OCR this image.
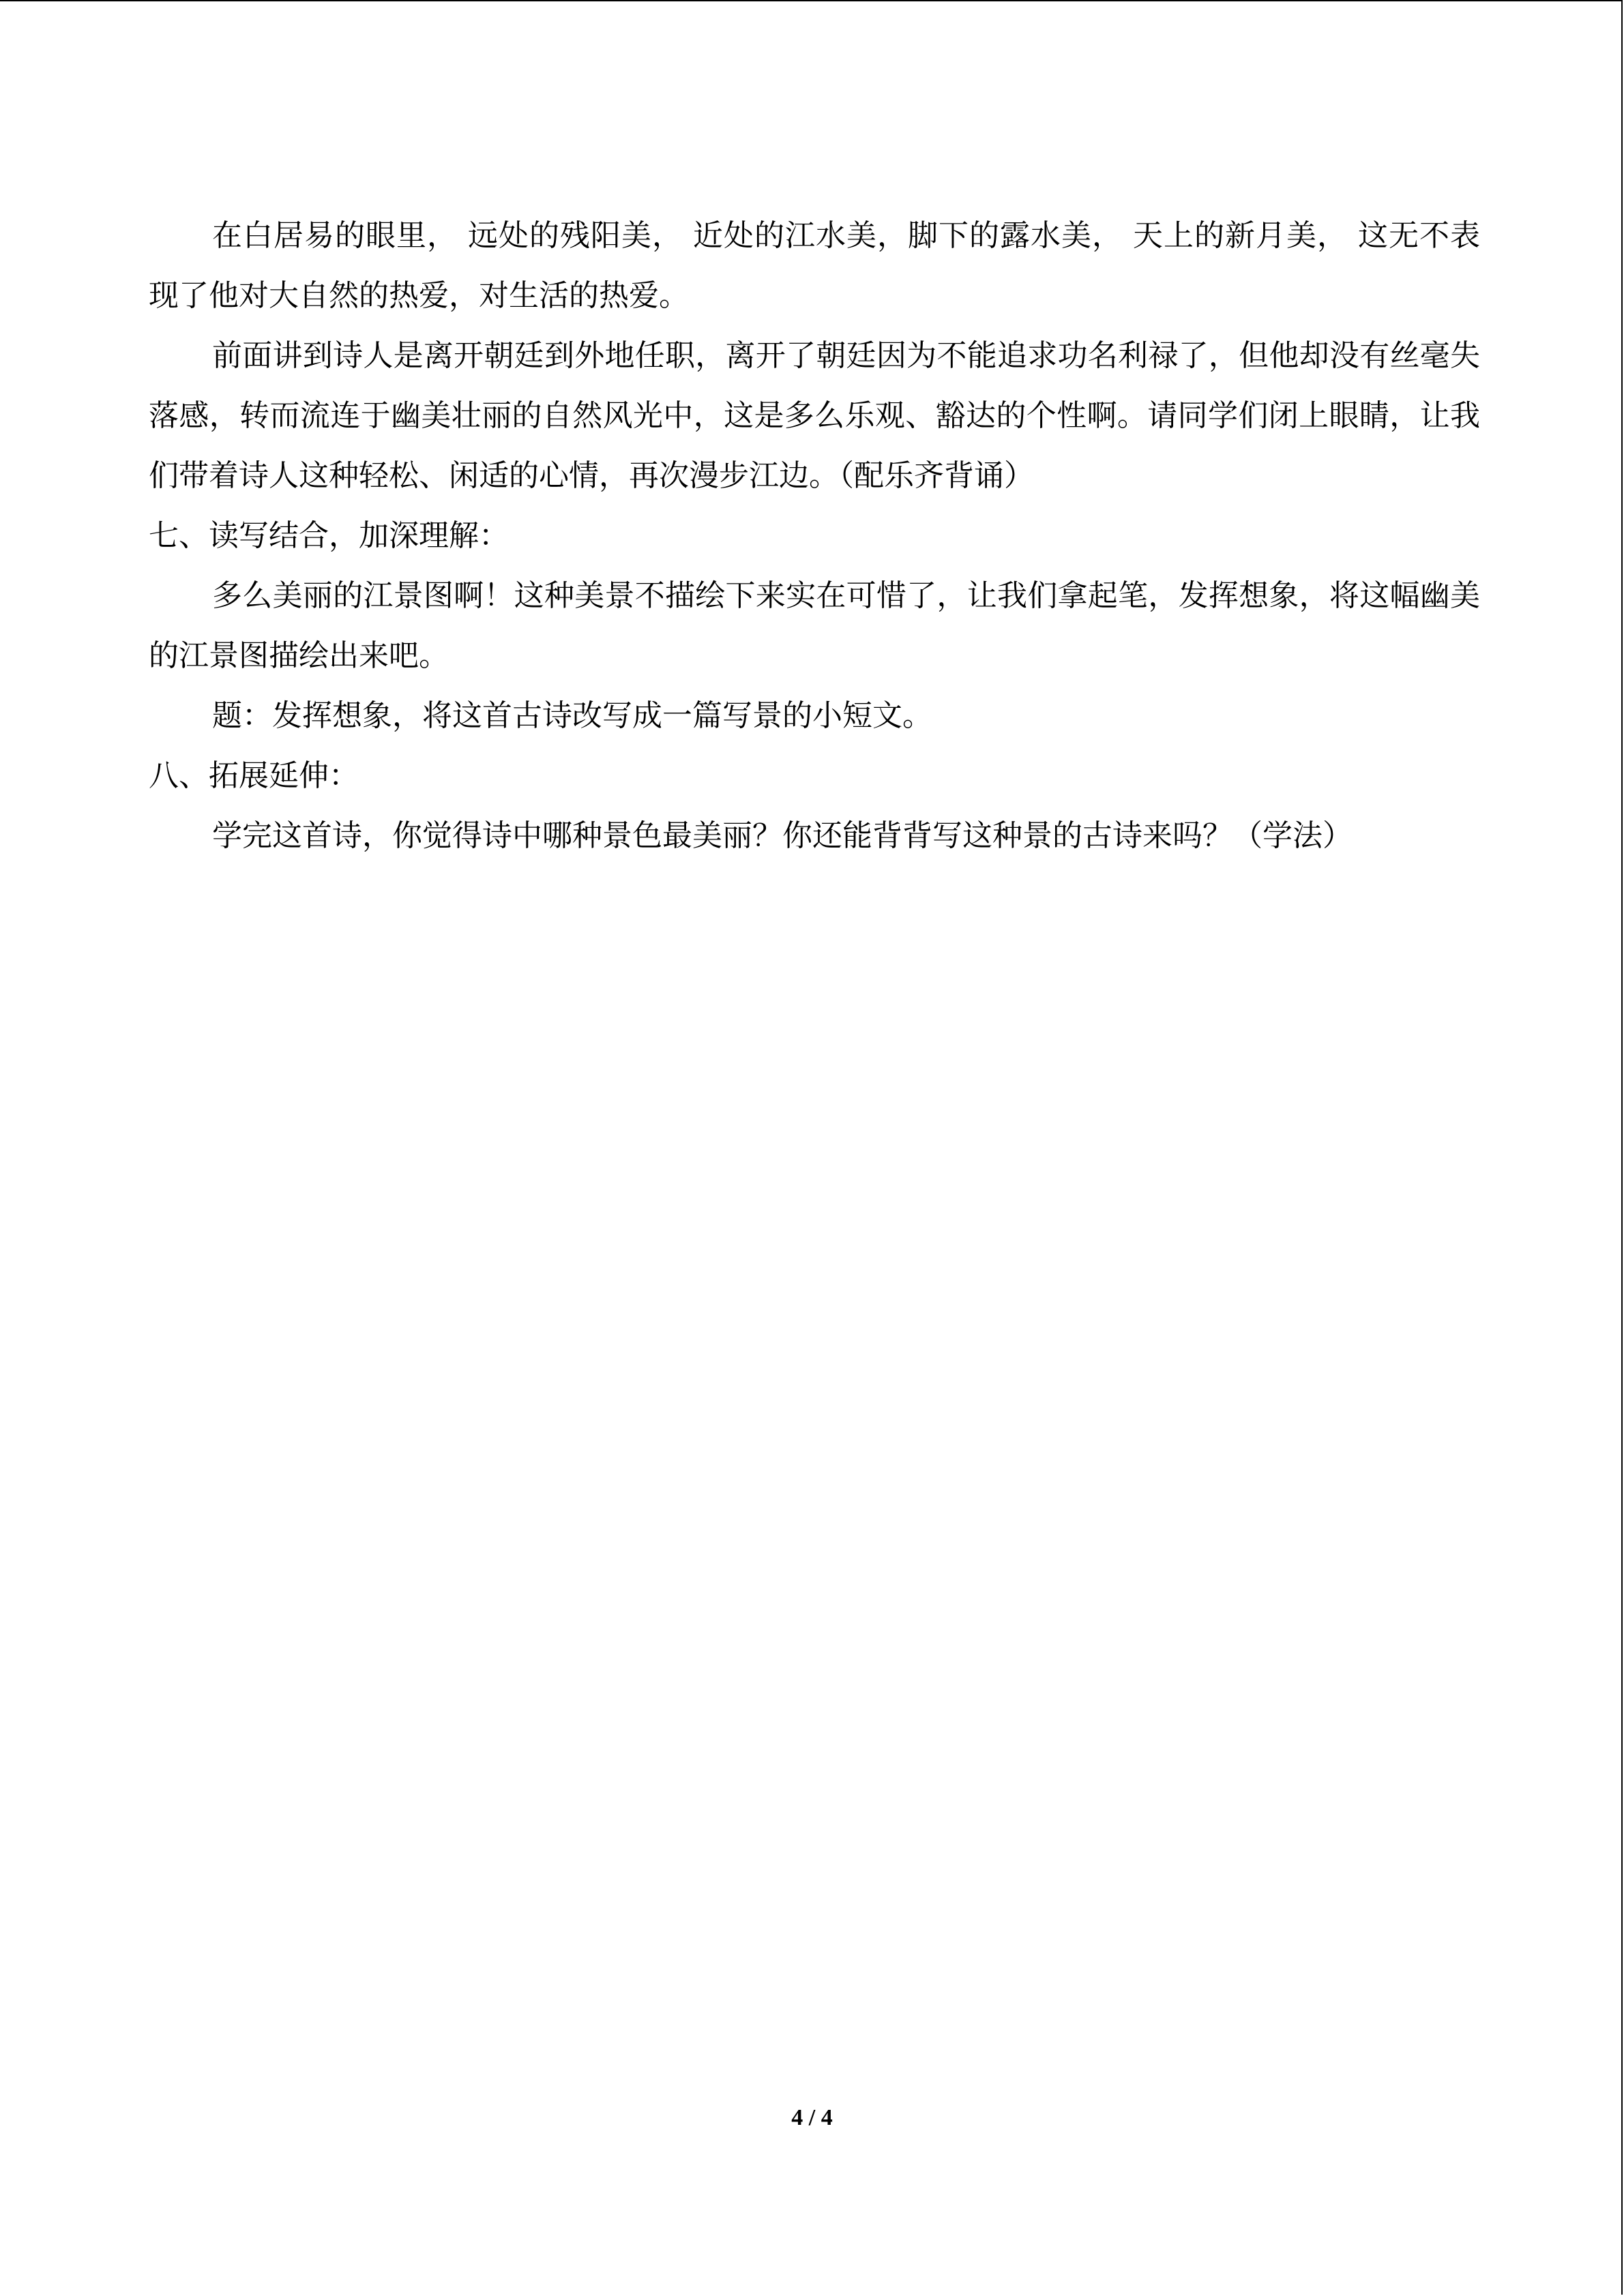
在白居易的眼里， 远处的残阳美， 近处的江水美，脚下的露水美， 天上的新月美， 这无不表现了他对大自然的热爱，对生活的热爱。

前面讲到诗人是离开朝廷到外地任职，离开了朝廷因为不能追求功名利禄了，但他却没有丝毫失落感，转而流连于幽美壮丽的自然风光中，这是多么乐观、豁达的个性啊。请同学们闭上眼睛，让我们带着诗人这种轻松、闲适的心情，再次漫步江边。（配乐齐背诵）

七、读写结合，加深理解：

多么美丽的江景图啊！这种美景不描绘下来实在可惜了，让我们拿起笔，发挥想象，将这幅幽美的江景图描绘出来吧。

题：发挥想象，将这首古诗改写成一篇写景的小短文。

八、拓展延伸：

学完这首诗，你觉得诗中哪种景色最美丽？你还能背背写这种景的古诗来吗？（学法）

4 / 4
